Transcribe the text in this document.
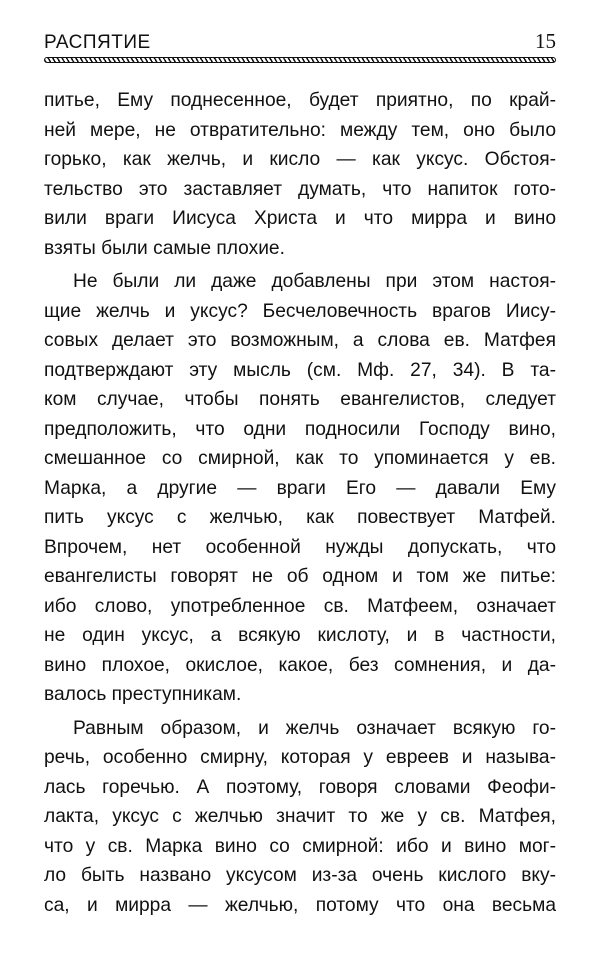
РАСПЯТИЕ	15
питье, Ему поднесенное, будет приятно, по край-
ней мере, не отвратительно: между тем, оно было
горько, как желчь, и кисло — как уксус. Обстоя-
тельство это заставляет думать, что напиток гото-
вили враги Иисуса Христа и что мирра и вино
взяты были самые плохие.
Не были ли даже добавлены при этом настоя-
щие желчь и уксус? Бесчеловечность врагов Иису-
совых делает это возможным, а слова ев. Матфея
подтверждают эту мысль (см. Мф. 27, 34). В та-
ком случае, чтобы понять евангелистов, следует
предположить, что одни подносили Господу вино,
смешанное со смирной, как то упоминается у ев.
Марка, а другие — враги Его — давали Ему
пить уксус с желчью, как повествует Матфей.
Впрочем, нет особенной нужды допускать, что
евангелисты говорят не об одном и том же питье:
ибо слово, употребленное св. Матфеем, означает
не один уксус, а всякую кислоту, и в частности,
вино плохое, окислое, какое, без сомнения, и да-
валось преступникам.
Равным образом, и желчь означает всякую го-
речь, особенно смирну, которая у евреев и называ-
лась горечью. А поэтому, говоря словами Феофи-
лакта, уксус с желчью значит то же у св. Матфея,
что у св. Марка вино со смирной: ибо и вино мог-
ло быть названо уксусом из-за очень кислого вку-
са, и мирра — желчью, потому что она весьма
